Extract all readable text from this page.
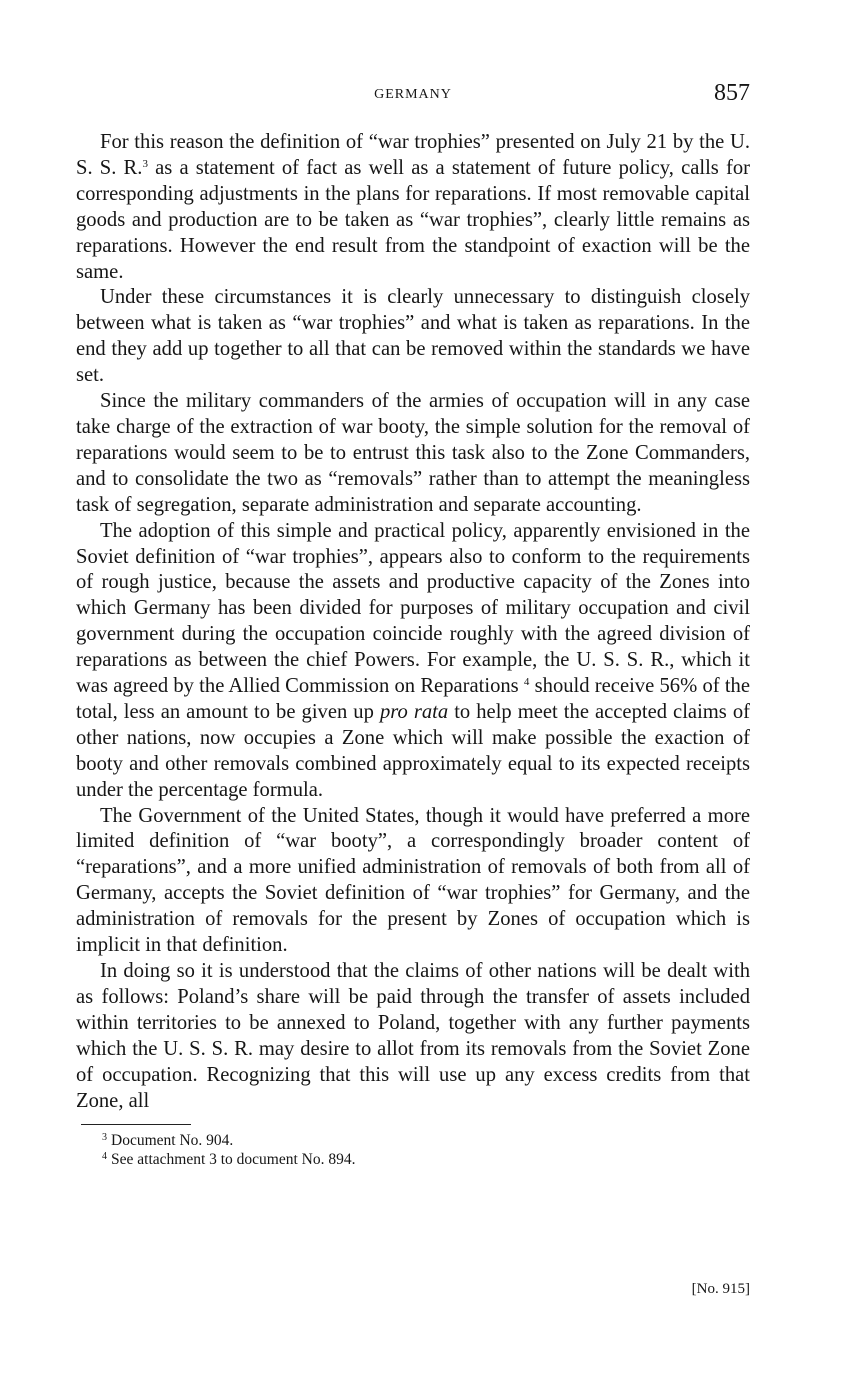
GERMANY	857

For this reason the definition of “war trophies” presented on July 21 by the U. S. S. R.$^3$ as a statement of fact as well as a statement of future policy, calls for corresponding adjustments in the plans for reparations. If most removable capital goods and production are to be taken as “war trophies”, clearly little remains as reparations. However the end result from the standpoint of exaction will be the same.

Under these circumstances it is clearly unnecessary to distinguish closely between what is taken as “war trophies” and what is taken as reparations. In the end they add up together to all that can be removed within the standards we have set.

Since the military commanders of the armies of occupation will in any case take charge of the extraction of war booty, the simple solution for the removal of reparations would seem to be to entrust this task also to the Zone Commanders, and to consolidate the two as “removals” rather than to attempt the meaningless task of segregation, separate administration and separate accounting.

The adoption of this simple and practical policy, apparently envisioned in the Soviet definition of “war trophies”, appears also to conform to the requirements of rough justice, because the assets and productive capacity of the Zones into which Germany has been divided for purposes of military occupation and civil government during the occupation coincide roughly with the agreed division of reparations as between the chief Powers. For example, the U. S. S. R., which it was agreed by the Allied Commission on Reparations $^4$ should receive 56% of the total, less an amount to be given up pro rata to help meet the accepted claims of other nations, now occupies a Zone which will make possible the exaction of booty and other removals combined approximately equal to its expected receipts under the percentage formula.

The Government of the United States, though it would have preferred a more limited definition of “war booty”, a correspondingly broader content of “reparations”, and a more unified administration of removals of both from all of Germany, accepts the Soviet definition of “war trophies” for Germany, and the administration of removals for the present by Zones of occupation which is implicit in that definition.

In doing so it is understood that the claims of other nations will be dealt with as follows: Poland’s share will be paid through the transfer of assets included within territories to be annexed to Poland, together with any further payments which the U. S. S. R. may desire to allot from its removals from the Soviet Zone of occupation. Recognizing that this will use up any excess credits from that Zone, all

$^3$ Document No. 904.
$^4$ See attachment 3 to document No. 894.
[No. 915]
